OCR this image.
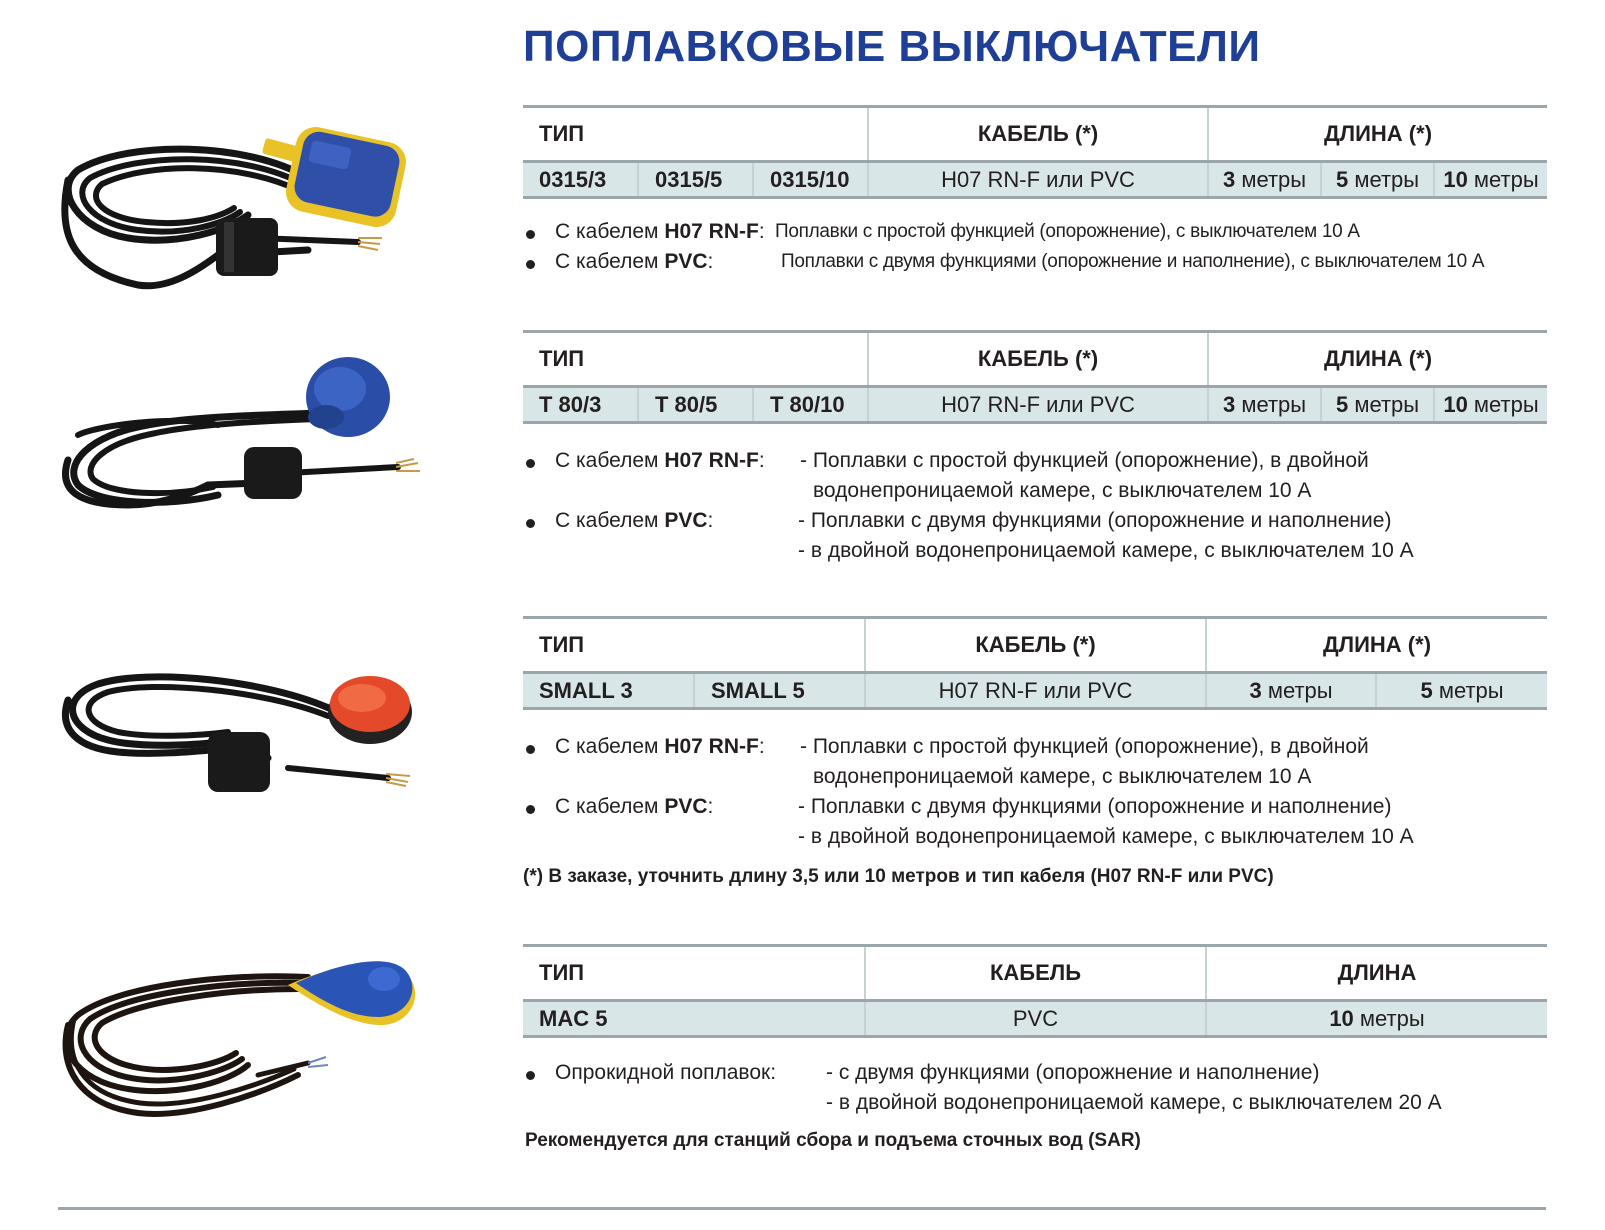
ПОПЛАВКОВЫЕ ВЫКЛЮЧАТЕЛИ
ТИП			КАБЕЛЬ (*)	ДЛИНА (*)		
0315/3	0315/5	0315/10	H07 RN-F или PVC	3 метры	5 метры	10 метры
С кабелем H07 RN-F: Поплавки с простой функцией (опорожнение), с выключателем 10 А
С кабелем PVC:	Поплавки с двумя функциями (опорожнение и наполнение), с выключателем 10 А
ТИП			КАБЕЛЬ (*)	ДЛИНА (*)		
T 80/3	T 80/5	T 80/10	H07 RN-F или PVC	3 метры	5 метры	10 метры
С кабелем H07 RN-F: - Поплавки с простой функцией (опорожнение), в двойной
водонепроницаемой камере, с выключателем 10 А
С кабелем PVC:	- Поплавки с двумя функциями (опорожнение и наполнение)
- в двойной водонепроницаемой камере, с выключателем 10 А
ТИП		КАБЕЛЬ (*)	ДЛИНА (*)	
SMALL 3	SMALL 5	H07 RN-F или PVC	3 метры	5 метры
С кабелем H07 RN-F: - Поплавки с простой функцией (опорожнение), в двойной
водонепроницаемой камере, с выключателем 10 А
С кабелем PVC:	- Поплавки с двумя функциями (опорожнение и наполнение)
- в двойной водонепроницаемой камере, с выключателем 10 А
(*) В заказе, уточнить длину 3,5 или 10 метров и тип кабеля (H07 RN-F или PVC)
ТИП	КАБЕЛЬ	ДЛИНА
MAC 5	PVC	10 метры
Опрокидной поплавок: - с двумя функциями (опорожнение и наполнение)
- в двойной водонепроницаемой камере, с выключателем 20 А
Рекомендуется для станций сбора и подъема сточных вод (SAR)
